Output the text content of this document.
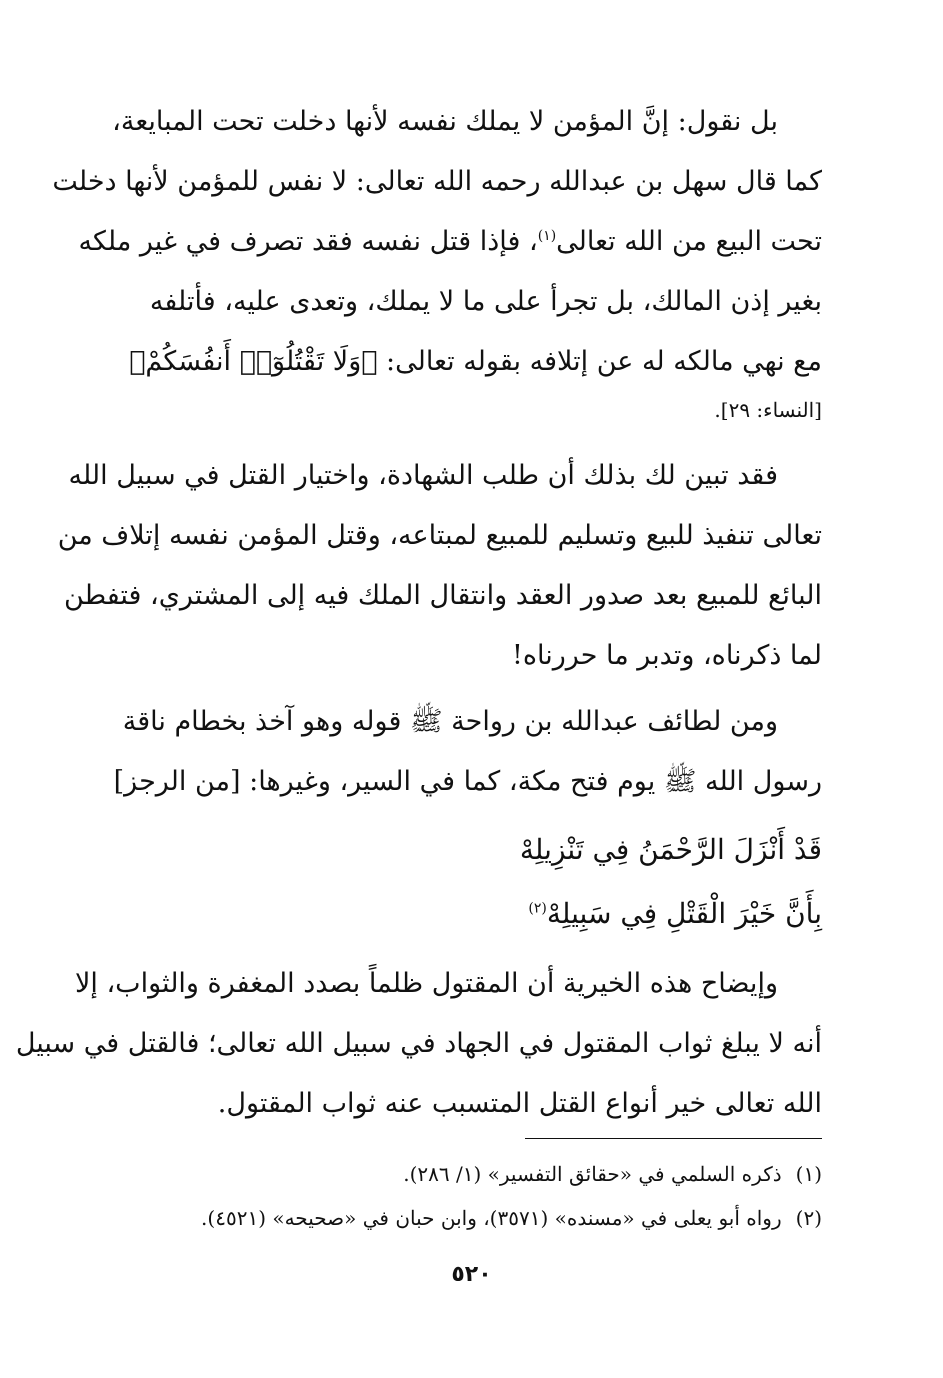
بل نقول: إنَّ المؤمن لا يملك نفسه لأنها دخلت تحت المبايعة،

كما قال سهل بن عبدالله رحمه الله تعالى: لا نفس للمؤمن لأنها دخلت

تحت البيع من الله تعالى$^{(١)}$، فإذا قتل نفسه فقد تصرف في غير ملكه

بغير إذن المالك، بل تجرأ على ما لا يملك، وتعدى عليه، فأتلفه

مع نهي مالكه له عن إتلافه بقوله تعالى: ﴿وَلَا تَقْتُلُوٓا۟ أَنفُسَكُمْ﴾

[النساء: ٢٩].

فقد تبين لك بذلك أن طلب الشهادة، واختيار القتل في سبيل الله

تعالى تنفيذ للبيع وتسليم للمبيع لمبتاعه، وقتل المؤمن نفسه إتلاف من

البائع للمبيع بعد صدور العقد وانتقال الملك فيه إلى المشتري، فتفطن

لما ذكرناه، وتدبر ما حررناه!

ومن لطائف عبدالله بن رواحة ﷺ قوله وهو آخذ بخطام ناقة

رسول الله ﷺ يوم فتح مكة، كما في السير، وغيرها: [من الرجز]

قَدْ أَنْزَلَ الرَّحْمَنُ فِي تَنْزِيلِهْ
بِأَنَّ خَيْرَ الْقَتْلِ فِي سَبِيلِهْ$^{(٢)}$

وإيضاح هذه الخيرية أن المقتول ظلماً بصدد المغفرة والثواب، إلا

أنه لا يبلغ ثواب المقتول في الجهاد في سبيل الله تعالى؛ فالقتل في سبيل

الله تعالى خير أنواع القتل المتسبب عنه ثواب المقتول.

(١)ذكره السلمي في «حقائق التفسير» (١/ ٢٨٦).
(٢)رواه أبو يعلى في «مسنده» (٣٥٧١)، وابن حبان في «صحيحه» (٤٥٢١).
٥٢٠
